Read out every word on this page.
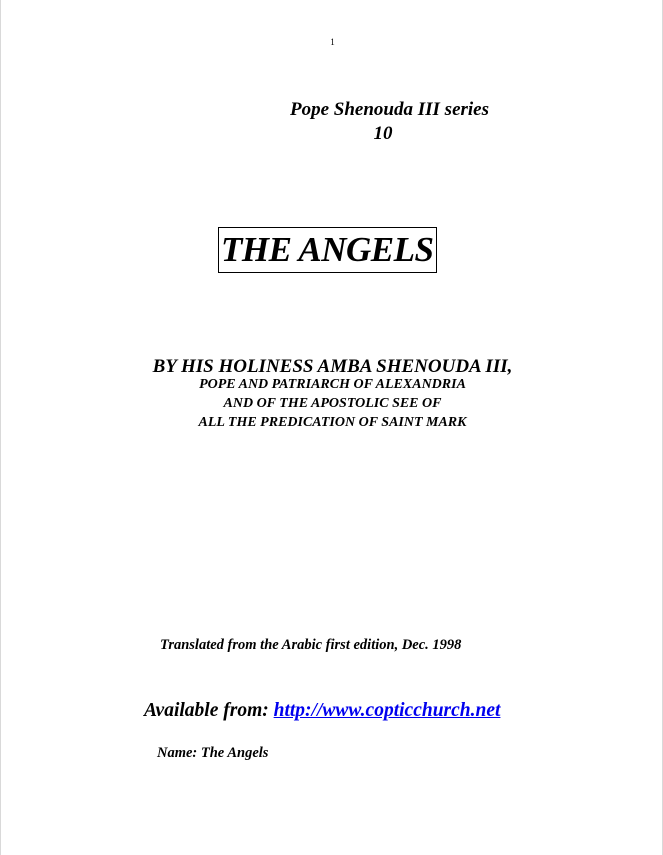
1
Pope Shenouda III series
10
THE ANGELS
BY HIS HOLINESS AMBA SHENOUDA III,
POPE AND PATRIARCH OF ALEXANDRIA
AND OF THE APOSTOLIC SEE OF
ALL THE PREDICATION OF SAINT MARK
Translated from the Arabic first edition, Dec. 1998
Available from: http://www.copticchurch.net
Name: The Angels
